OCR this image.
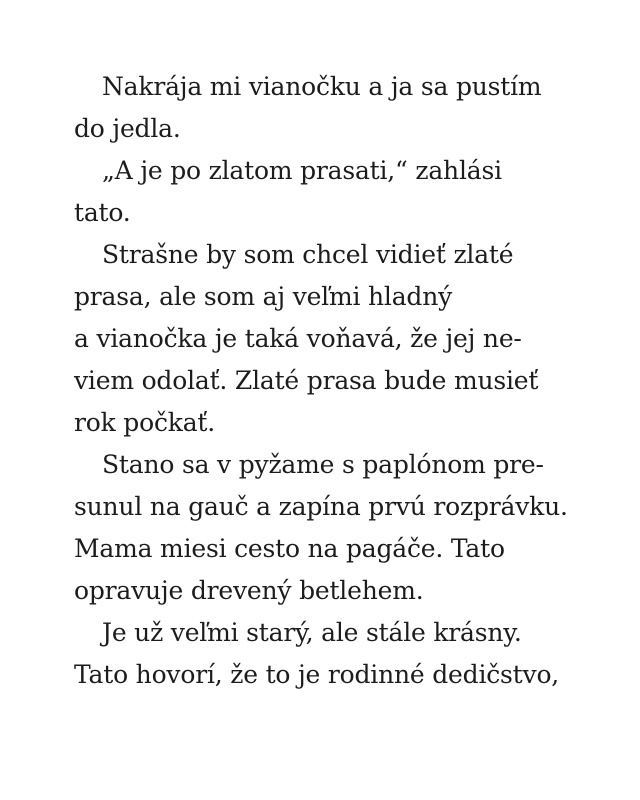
Nakrája mi vianočku a ja sa pustím
do jedla.
„A je po zlatom prasati,“ zahlási
tato.
Strašne by som chcel vidieť zlaté
prasa, ale som aj veľmi hladný
a vianočka je taká voňavá, že jej ne-
viem odolať. Zlaté prasa bude musieť
rok počkať.
Stano sa v pyžame s paplónom pre-
sunul na gauč a zapína prvú rozprávku.
Mama miesi cesto na pagáče. Tato
opravuje drevený betlehem.
Je už veľmi starý, ale stále krásny.
Tato hovorí, že to je rodinné dedičstvo,
